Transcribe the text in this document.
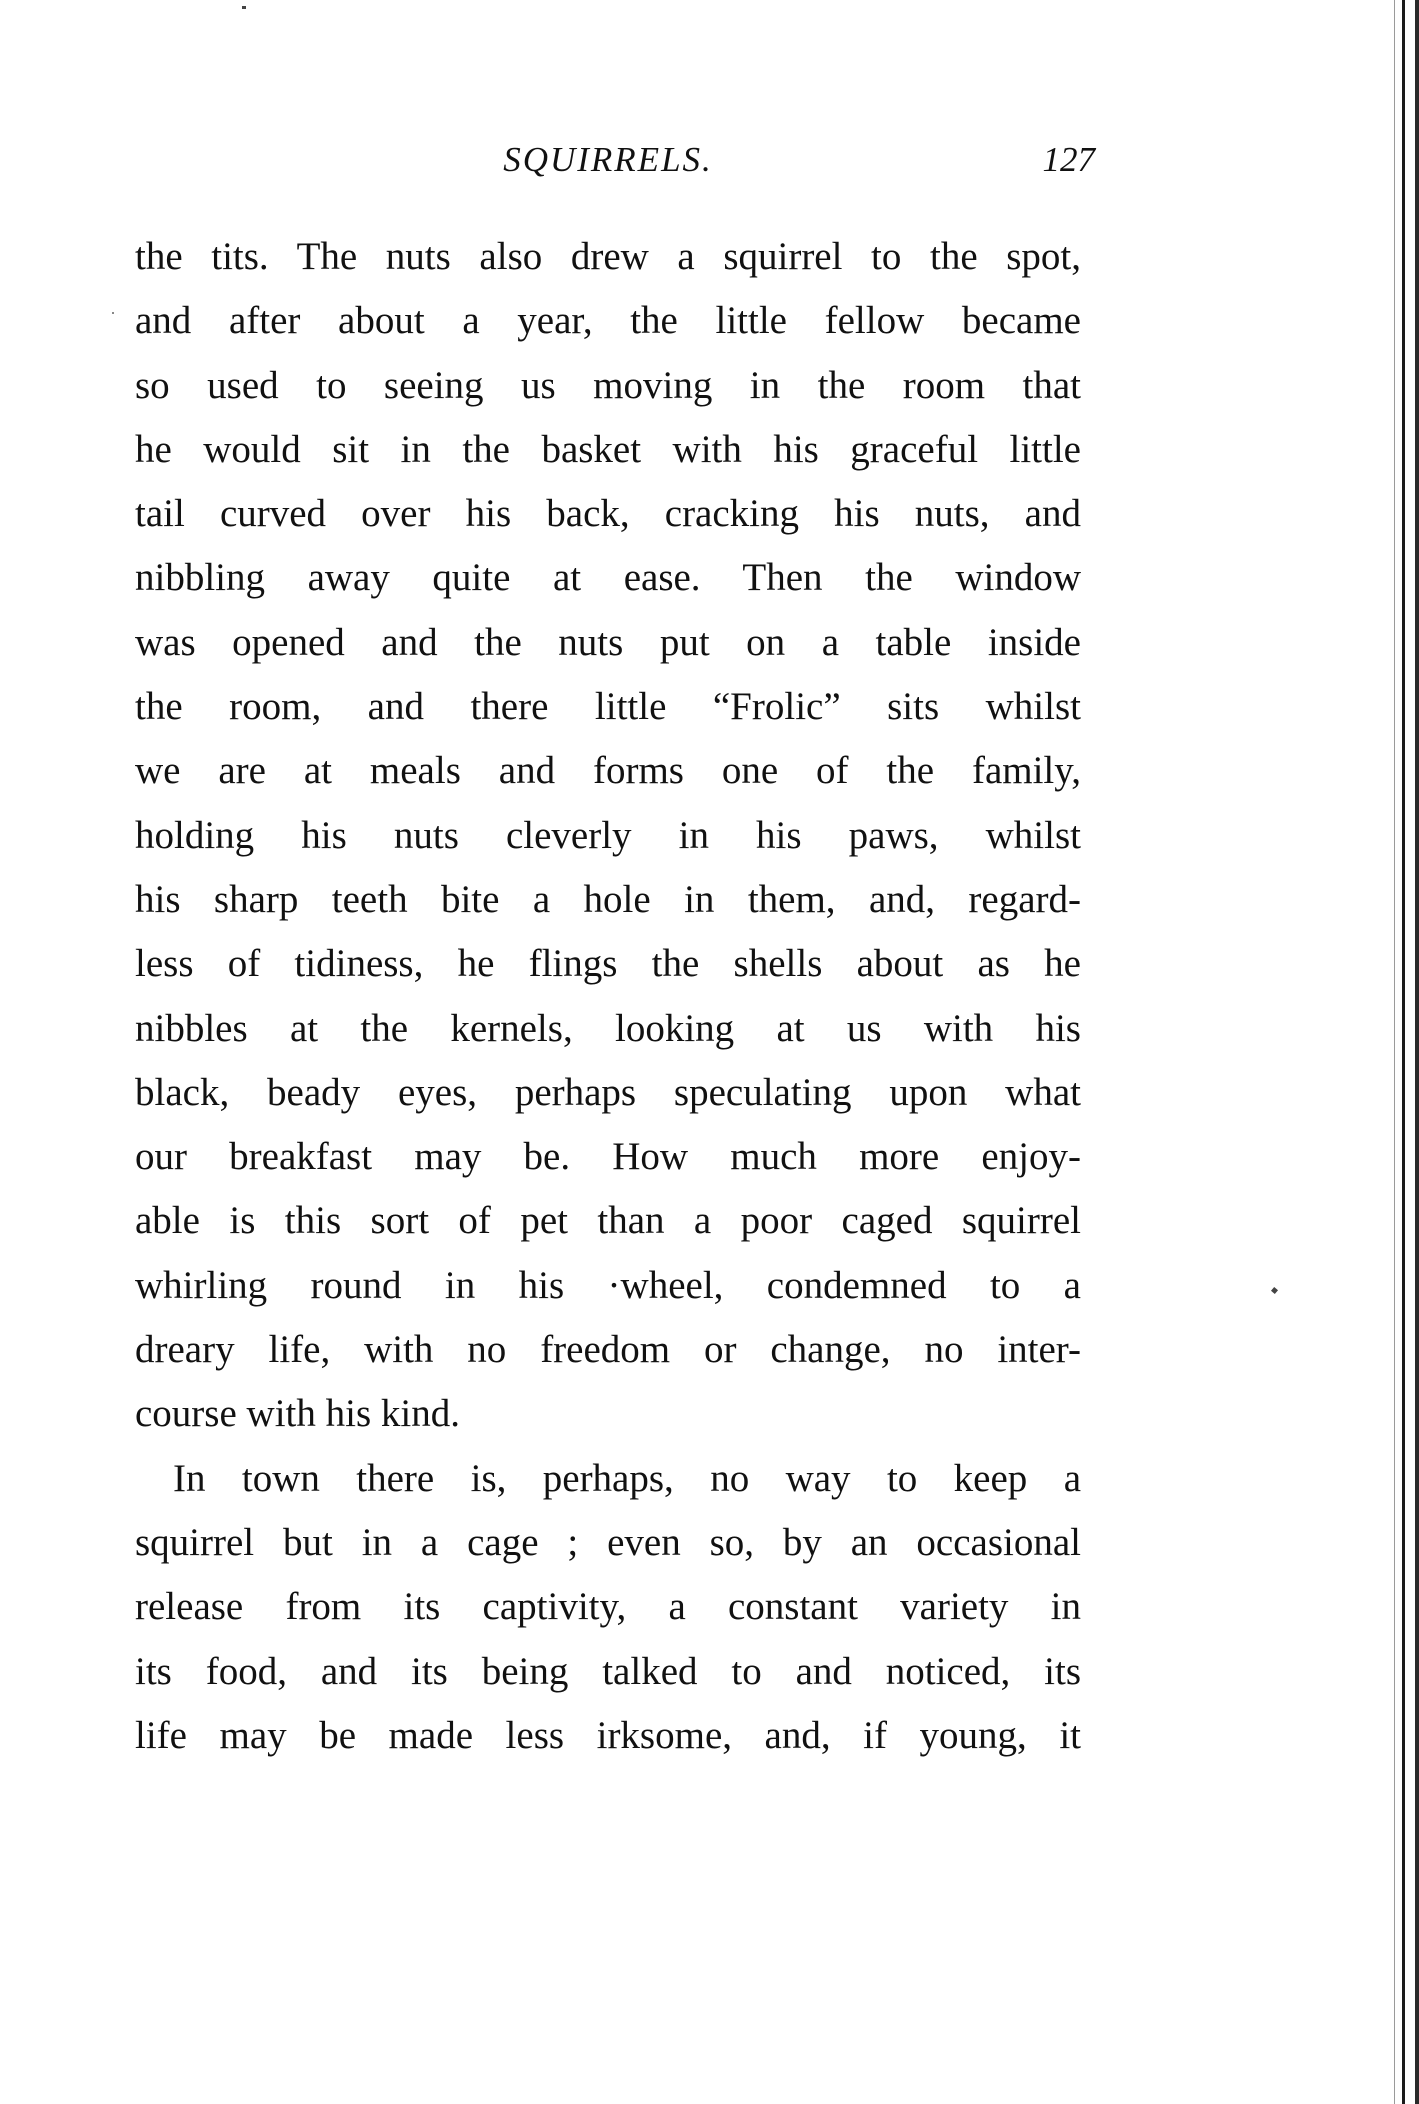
SQUIRRELS.	127
the tits. The nuts also drew a squirrel to the spot,
and after about a year, the little fellow became
so used to seeing us moving in the room that
he would sit in the basket with his graceful little
tail curved over his back, cracking his nuts, and
nibbling away quite at ease. Then the window
was opened and the nuts put on a table inside
the room, and there little “Frolic” sits whilst
we are at meals and forms one of the family,
holding his nuts cleverly in his paws, whilst
his sharp teeth bite a hole in them, and, regard-
less of tidiness, he flings the shells about as he
nibbles at the kernels, looking at us with his
black, beady eyes, perhaps speculating upon what
our breakfast may be. How much more enjoy-
able is this sort of pet than a poor caged squirrel
whirling round in his ·wheel, condemned to a
dreary life, with no freedom or change, no inter-
course with his kind.
In town there is, perhaps, no way to keep a
squirrel but in a cage ; even so, by an occasional
release from its captivity, a constant variety in
its food, and its being talked to and noticed, its
life may be made less irksome, and, if young, it
